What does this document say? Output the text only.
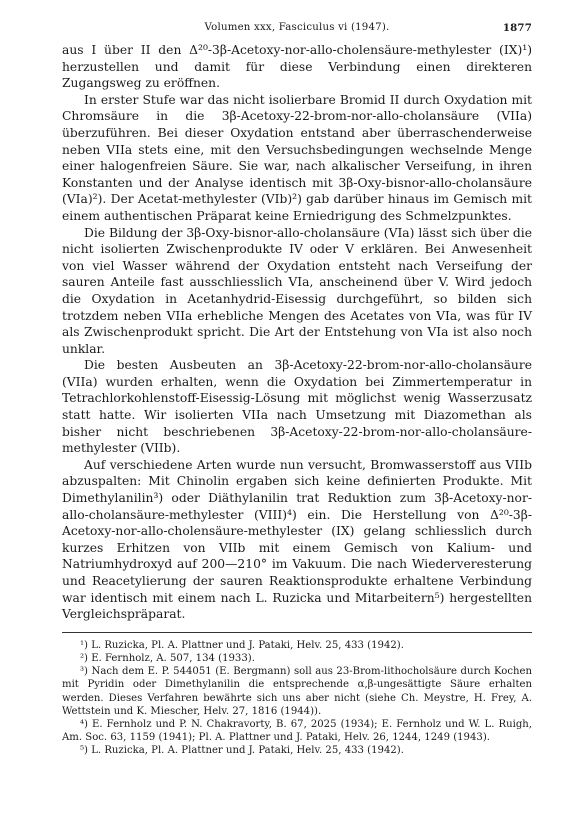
Volumen xxx, Fasciculus vi (1947).	1877

aus I über II den Δ²⁰-3β-Acetoxy-nor-allo-cholensäure-methylester (IX)¹) herzustellen und damit für diese Verbindung einen direkteren Zugangsweg zu eröffnen.

In erster Stufe war das nicht isolierbare Bromid II durch Oxydation mit Chromsäure in die 3β-Acetoxy-22-brom-nor-allo-cholansäure (VIIa) überzuführen. Bei dieser Oxydation entstand aber überraschenderweise neben VIIa stets eine, mit den Versuchsbedingungen wechselnde Menge einer halogenfreien Säure. Sie war, nach alkalischer Verseifung, in ihren Konstanten und der Analyse identisch mit 3β-Oxy-bisnor-allo-cholansäure (VIa)²). Der Acetat-methylester (VIb)²) gab darüber hinaus im Gemisch mit einem authentischen Präparat keine Erniedrigung des Schmelzpunktes.

Die Bildung der 3β-Oxy-bisnor-allo-cholansäure (VIa) lässt sich über die nicht isolierten Zwischenprodukte IV oder V erklären. Bei Anwesenheit von viel Wasser während der Oxydation entsteht nach Verseifung der sauren Anteile fast ausschliesslich VIa, anscheinend über V. Wird jedoch die Oxydation in Acetanhydrid-Eisessig durchgeführt, so bilden sich trotzdem neben VIIa erhebliche Mengen des Acetates von VIa, was für IV als Zwischenprodukt spricht. Die Art der Entstehung von VIa ist also noch unklar.

Die besten Ausbeuten an 3β-Acetoxy-22-brom-nor-allo-cholansäure (VIIa) wurden erhalten, wenn die Oxydation bei Zimmertemperatur in Tetrachlorkohlenstoff-Eisessig-Lösung mit möglichst wenig Wasserzusatz statt hatte. Wir isolierten VIIa nach Umsetzung mit Diazomethan als bisher nicht beschriebenen 3β-Acetoxy-22-brom-nor-allo-cholansäure-methylester (VIIb).

Auf verschiedene Arten wurde nun versucht, Bromwasserstoff aus VIIb abzuspalten: Mit Chinolin ergaben sich keine definierten Produkte. Mit Dimethylanilin³) oder Diäthylanilin trat Reduktion zum 3β-Acetoxy-nor-allo-cholansäure-methylester (VIII)⁴) ein. Die Herstellung von Δ²⁰-3β-Acetoxy-nor-allo-cholensäure-methylester (IX) gelang schliesslich durch kurzes Erhitzen von VIIb mit einem Gemisch von Kalium- und Natriumhydroxyd auf 200—210° im Vakuum. Die nach Wiederveresterung und Reacetylierung der sauren Reaktionsprodukte erhaltene Verbindung war identisch mit einem nach L. Ruzicka und Mitarbeitern⁵) hergestellten Vergleichspräparat.

¹) L. Ruzicka, Pl. A. Plattner und J. Pataki, Helv. 25, 433 (1942).

²) E. Fernholz, A. 507, 134 (1933).

³) Nach dem E. P. 544051 (E. Bergmann) soll aus 23-Brom-lithocholsäure durch Kochen mit Pyridin oder Dimethylanilin die entsprechende α,β-ungesättigte Säure erhalten werden. Dieses Verfahren bewährte sich uns aber nicht (siehe Ch. Meystre, H. Frey, A. Wettstein und K. Miescher, Helv. 27, 1816 (1944)).

⁴) E. Fernholz und P. N. Chakravorty, B. 67, 2025 (1934); E. Fernholz und W. L. Ruigh, Am. Soc. 63, 1159 (1941); Pl. A. Plattner und J. Pataki, Helv. 26, 1244, 1249 (1943).

⁵) L. Ruzicka, Pl. A. Plattner und J. Pataki, Helv. 25, 433 (1942).
